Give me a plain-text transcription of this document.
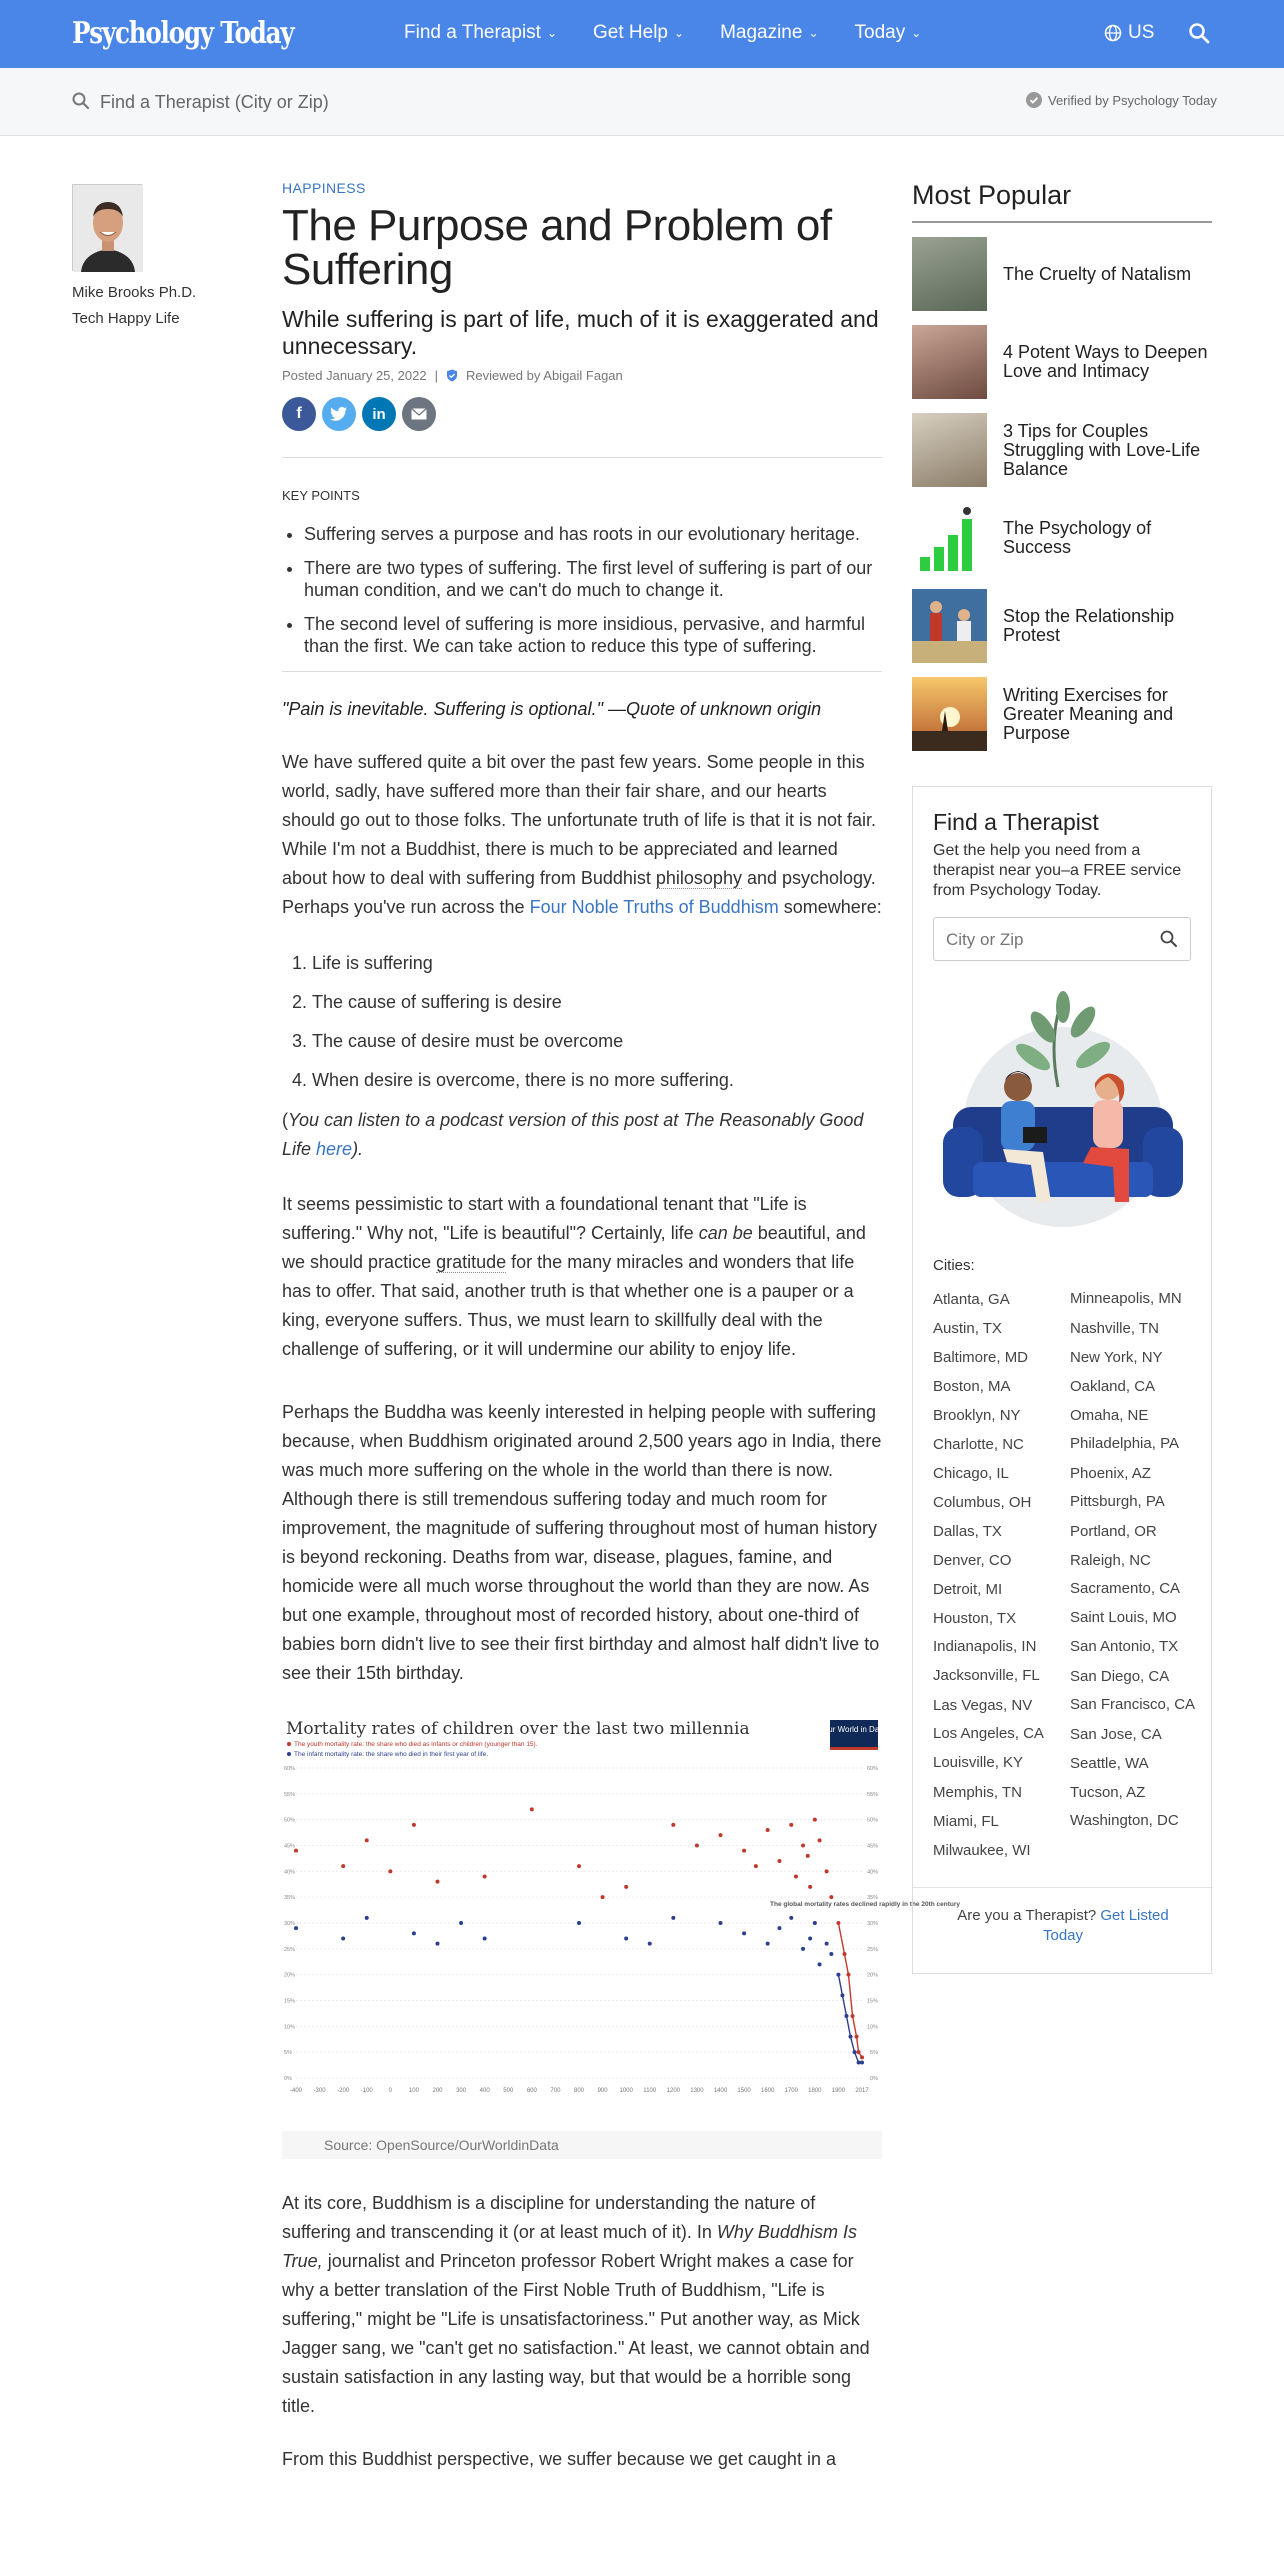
Psychology Today	Find a Therapist ⌄ Get Help ⌄ Magazine ⌄ Today ⌄	US
Find a Therapist (City or Zip)
Verified by Psychology Today
Mike Brooks Ph.D.
Tech Happy Life
HAPPINESS
The Purpose and Problem of Suffering
While suffering is part of life, much of it is exaggerated and unnecessary.
Posted January 25, 2022 | Reviewed by Abigail Fagan
f	in
KEY POINTS
• Suffering serves a purpose and has roots in our evolutionary heritage.
• There are two types of suffering. The first level of suffering is part of our human condition, and we can't do much to change it.
• The second level of suffering is more insidious, pervasive, and harmful than the first. We can take action to reduce this type of suffering.
"Pain is inevitable. Suffering is optional." —Quote of unknown origin
We have suffered quite a bit over the past few years. Some people in this world, sadly, have suffered more than their fair share, and our hearts should go out to those folks. The unfortunate truth of life is that it is not fair. While I'm not a Buddhist, there is much to be appreciated and learned about how to deal with suffering from Buddhist philosophy and psychology. Perhaps you've run across the Four Noble Truths of Buddhism somewhere:
1. Life is suffering
2. The cause of suffering is desire
3. The cause of desire must be overcome
4. When desire is overcome, there is no more suffering.
(You can listen to a podcast version of this post at The Reasonably Good Life here).
It seems pessimistic to start with a foundational tenant that "Life is suffering." Why not, "Life is beautiful"? Certainly, life can be beautiful, and we should practice gratitude for the many miracles and wonders that life has to offer. That said, another truth is that whether one is a pauper or a king, everyone suffers. Thus, we must learn to skillfully deal with the challenge of suffering, or it will undermine our ability to enjoy life.
Perhaps the Buddha was keenly interested in helping people with suffering because, when Buddhism originated around 2,500 years ago in India, there was much more suffering on the whole in the world than there is now. Although there is still tremendous suffering today and much room for improvement, the magnitude of suffering throughout most of human history is beyond reckoning. Deaths from war, disease, plagues, famine, and homicide were all much worse throughout the world than they are now. As but one example, throughout most of recorded history, about one-third of babies born didn't live to see their first birthday and almost half didn't live to see their 15th birthday.
Mortality rates of children over the last two millennia
The youth mortality rate: the share who died as infants or children (younger than 15).
The infant mortality rate: the share who died in their first year of life.
Our World in Data
60%	60%
55%	55%
50%	50%
45%	45%
40%	40%
35%	35%
30%	30%
25%	25%
20%	20%
15%	15%
10%	10%
5%	5%
0%	0%
-400 -300 -200 -100	0	100 200 300 400 500 600 700 800 900 1000 1100 1200 1300 1400 1500 1600 1700 1800 1900 2017
The global mortality rates declined rapidly in the 20th century
Source: OpenSource/OurWorldinData
At its core, Buddhism is a discipline for understanding the nature of suffering and transcending it (or at least much of it). In Why Buddhism Is True, journalist and Princeton professor Robert Wright makes a case for why a better translation of the First Noble Truth of Buddhism, "Life is suffering," might be "Life is unsatisfactoriness." Put another way, as Mick Jagger sang, we "can't get no satisfaction." At least, we cannot obtain and sustain satisfaction in any lasting way, but that would be a horrible song title.
From this Buddhist perspective, we suffer because we get caught in a
Most Popular
The Cruelty of Natalism
4 Potent Ways to Deepen Love and Intimacy
3 Tips for Couples Struggling with Love-Life Balance
The Psychology of Success
Stop the Relationship Protest
Writing Exercises for Greater Meaning and Purpose
Find a Therapist
Get the help you need from a therapist near you–a FREE service from Psychology Today.
City or Zip
Cities:
Atlanta, GA
Austin, TX
Baltimore, MD
Boston, MA
Brooklyn, NY
Charlotte, NC
Chicago, IL
Columbus, OH
Dallas, TX
Denver, CO
Detroit, MI
Houston, TX
Indianapolis, IN
Jacksonville, FL
Las Vegas, NV
Los Angeles, CA
Louisville, KY
Memphis, TN
Miami, FL
Milwaukee, WI
Minneapolis, MN
Nashville, TN
New York, NY
Oakland, CA
Omaha, NE
Philadelphia, PA
Phoenix, AZ
Pittsburgh, PA
Portland, OR
Raleigh, NC
Sacramento, CA
Saint Louis, MO
San Antonio, TX
San Diego, CA
San Francisco, CA
San Jose, CA
Seattle, WA
Tucson, AZ
Washington, DC
Are you a Therapist? Get Listed Today
